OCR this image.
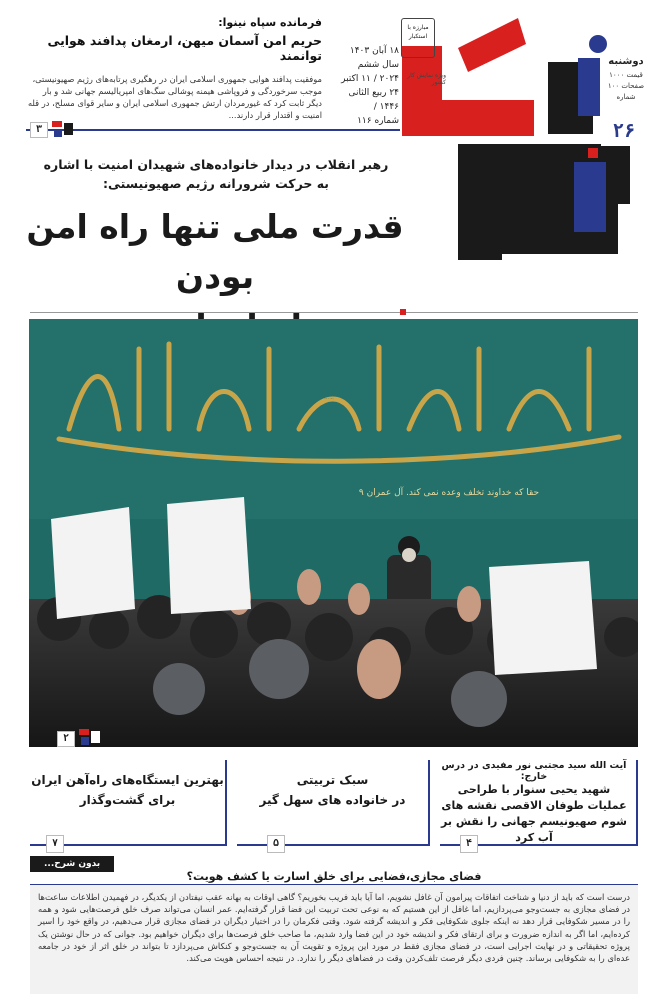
دوشنبه
قیمت ۱۰۰۰
صفحات ۱۰۰
شماره
۲۶
مبارزه با استکبار
ویژه نمایش کار کشور
۱۸ آبان ۱۴۰۳
سال ششم
۲۰۲۴ / ۱۱ اکتبر
۲۴ ربیع الثانی ۱۴۴۶ /
شماره ۱۱۶
فرمانده سپاه نینوا:
حریم امن آسمان میهن، ارمغان پدافند هوایی توانمند
موفقیت پدافند هوایی جمهوری اسلامی ایران در رهگیری پرتابه‌های رژیم صهیونیستی، موجب سرخوردگی و فروپاشی هیمنه پوشالی سگ‌های امپریالیسم جهانی شد و بار دیگر ثابت کرد که غیورمردان ارتش جمهوری اسلامی ایران و سایر قوای مسلح، در قله امنیت و اقتدار قرار دارند...
۳
رهبر انقلاب در دیدار خانواده‌های شهیدان امنیت با اشاره به حرکت شرورانه رژیم صهیونیستی:
قدرت ملی تنها راه امن بودن
حقا که خداوند تخلف وعده نمی کند. آل عمران ۹
إِنَّ اللَّهَ لا یُخْلِفُ الْمیعاد
۲
آیت الله سید مجتبی نور مفیدی در درس خارج:
شهید یحیی سنوار با طراحی عملیات طوفان الاقصی نقشه های شوم صهیونیسم جهانی را نقش بر آب کرد
۴
سبک تربیتی
در خانواده های سهل گیر
۵
بهترین ایستگاه‌های راه‌آهن ایران برای گشت‌وگذار
۷
بدون شرح...
فضای مجازی،فضایی برای خلق اسارت یا کشف هویت؟

درست است که باید از دنیا و شناخت اتفاقات پیرامون آن غافل نشویم، اما آیا باید فریب بخوریم؟ گاهی اوقات به بهانه عقب نیفتادن از یکدیگر، در فهمیدن اطلاعات ساعت‌ها در فضای مجازی به جست‌وجو می‌پردازیم، اما غافل از این هستیم که به نوعی تحت تربیت این فضا قرار گرفته‌ایم. عمر انسان می‌تواند صرف خلق فرصت‌هایی شود و همه را در مسیر شکوفایی قرار دهد نه اینکه جلوی شکوفایی فکر و اندیشه گرفته شود. وقتی فکرمان را در اختیار دیگران در فضای مجازی قرار می‌دهیم، در واقع خود را اسیر کرده‌ایم، اما اگر به اندازه ضرورت و برای ارتقای فکر و اندیشه خود در این فضا وارد شدیم، ما صاحب خلق فرصت‌ها برای دیگران خواهیم بود. جوانی که در حال نوشتن یک پروژه تحقیقاتی و در نهایت اجرایی است، در فضای مجازی فقط در مورد این پروژه و تقویت آن به جست‌وجو و کنکاش می‌پردازد تا بتواند در خلق اثر از خود در جامعه عده‌ای را به شکوفایی برساند. چنین فردی دیگر فرصت تلف‌کردن وقت در فضاهای دیگر را ندارد. در نتیجه احساس هویت می‌کند.
